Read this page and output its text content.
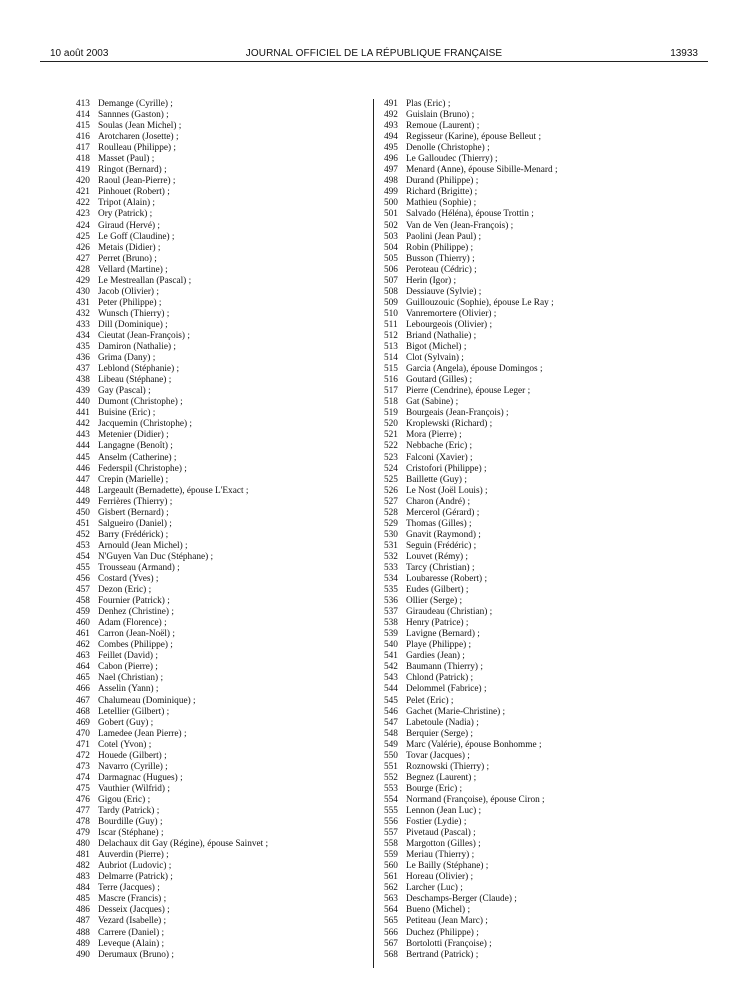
10 août 2003	JOURNAL OFFICIEL DE LA RÉPUBLIQUE FRANÇAISE	13933
413 Demange (Cyrille) ;
414 Sannnes (Gaston) ;
415 Soulas (Jean Michel) ;
416 Arotcharen (Josette) ;
417 Roulleau (Philippe) ;
418 Masset (Paul) ;
419 Ringot (Bernard) ;
420 Raoul (Jean-Pierre) ;
421 Pinhouet (Robert) ;
422 Tripot (Alain) ;
423 Ory (Patrick) ;
424 Giraud (Hervé) ;
425 Le Goff (Claudine) ;
426 Metais (Didier) ;
427 Perret (Bruno) ;
428 Vellard (Martine) ;
429 Le Mestreallan (Pascal) ;
430 Jacob (Olivier) ;
431 Peter (Philippe) ;
432 Wunsch (Thierry) ;
433 Dill (Dominique) ;
434 Cieutat (Jean-François) ;
435 Damiron (Nathalie) ;
436 Grima (Dany) ;
437 Leblond (Stéphanie) ;
438 Libeau (Stéphane) ;
439 Gay (Pascal) ;
440 Dumont (Christophe) ;
441 Buisine (Eric) ;
442 Jacquemin (Christophe) ;
443 Metenier (Didier) ;
444 Langagne (Benoît) ;
445 Anselm (Catherine) ;
446 Federspil (Christophe) ;
447 Crepin (Marielle) ;
448 Largeault (Bernadette), épouse L'Exact ;
449 Ferrières (Thierry) ;
450 Gisbert (Bernard) ;
451 Salgueiro (Daniel) ;
452 Barry (Frédérick) ;
453 Arnould (Jean Michel) ;
454 N'Guyen Van Duc (Stéphane) ;
455 Trousseau (Armand) ;
456 Costard (Yves) ;
457 Dezon (Eric) ;
458 Fournier (Patrick) ;
459 Denhez (Christine) ;
460 Adam (Florence) ;
461 Carron (Jean-Noël) ;
462 Combes (Philippe) ;
463 Feillet (David) ;
464 Cabon (Pierre) ;
465 Nael (Christian) ;
466 Asselin (Yann) ;
467 Chalumeau (Dominique) ;
468 Letellier (Gilbert) ;
469 Gobert (Guy) ;
470 Lamedee (Jean Pierre) ;
471 Cotel (Yvon) ;
472 Houede (Gilbert) ;
473 Navarro (Cyrille) ;
474 Darmagnac (Hugues) ;
475 Vauthier (Wilfrid) ;
476 Gigou (Eric) ;
477 Tardy (Patrick) ;
478 Bourdille (Guy) ;
479 Iscar (Stéphane) ;
480 Delachaux dit Gay (Régine), épouse Sainvet ;
481 Auverdin (Pierre) ;
482 Aubriot (Ludovic) ;
483 Delmarre (Patrick) ;
484 Terre (Jacques) ;
485 Mascre (Francis) ;
486 Desseix (Jacques) ;
487 Vezard (Isabelle) ;
488 Carrere (Daniel) ;
489 Leveque (Alain) ;
490 Derumaux (Bruno) ;
491 Plas (Eric) ;
492 Guislain (Bruno) ;
493 Remoue (Laurent) ;
494 Regisseur (Karine), épouse Belleut ;
495 Denolle (Christophe) ;
496 Le Galloudec (Thierry) ;
497 Menard (Anne), épouse Sibille-Menard ;
498 Durand (Philippe) ;
499 Richard (Brigitte) ;
500 Mathieu (Sophie) ;
501 Salvado (Héléna), épouse Trottin ;
502 Van de Ven (Jean-François) ;
503 Paolini (Jean Paul) ;
504 Robin (Philippe) ;
505 Busson (Thierry) ;
506 Peroteau (Cédric) ;
507 Herin (Igor) ;
508 Dessiauve (Sylvie) ;
509 Guillouzouic (Sophie), épouse Le Ray ;
510 Vanremortere (Olivier) ;
511 Lebourgeois (Olivier) ;
512 Briand (Nathalie) ;
513 Bigot (Michel) ;
514 Clot (Sylvain) ;
515 Garcia (Angela), épouse Domingos ;
516 Goutard (Gilles) ;
517 Pierre (Cendrine), épouse Leger ;
518 Gat (Sabine) ;
519 Bourgeais (Jean-François) ;
520 Kroplewski (Richard) ;
521 Mora (Pierre) ;
522 Nebbache (Eric) ;
523 Falconi (Xavier) ;
524 Cristofori (Philippe) ;
525 Baillette (Guy) ;
526 Le Nost (Joël Louis) ;
527 Charon (André) ;
528 Mercerol (Gérard) ;
529 Thomas (Gilles) ;
530 Gnavit (Raymond) ;
531 Seguin (Frédéric) ;
532 Louvet (Rémy) ;
533 Tarcy (Christian) ;
534 Loubaresse (Robert) ;
535 Eudes (Gilbert) ;
536 Ollier (Serge) ;
537 Giraudeau (Christian) ;
538 Henry (Patrice) ;
539 Lavigne (Bernard) ;
540 Playe (Philippe) ;
541 Gardies (Jean) ;
542 Baumann (Thierry) ;
543 Chlond (Patrick) ;
544 Delommel (Fabrice) ;
545 Pelet (Eric) ;
546 Gachet (Marie-Christine) ;
547 Labetoule (Nadia) ;
548 Berquier (Serge) ;
549 Marc (Valérie), épouse Bonhomme ;
550 Tovar (Jacques) ;
551 Roznowski (Thierry) ;
552 Begnez (Laurent) ;
553 Bourge (Eric) ;
554 Normand (Françoise), épouse Ciron ;
555 Lennon (Jean Luc) ;
556 Fostier (Lydie) ;
557 Pivetaud (Pascal) ;
558 Margotton (Gilles) ;
559 Meriau (Thierry) ;
560 Le Bailly (Stéphane) ;
561 Horeau (Olivier) ;
562 Larcher (Luc) ;
563 Deschamps-Berger (Claude) ;
564 Bueno (Michel) ;
565 Petiteau (Jean Marc) ;
566 Duchez (Philippe) ;
567 Bortolotti (Françoise) ;
568 Bertrand (Patrick) ;
